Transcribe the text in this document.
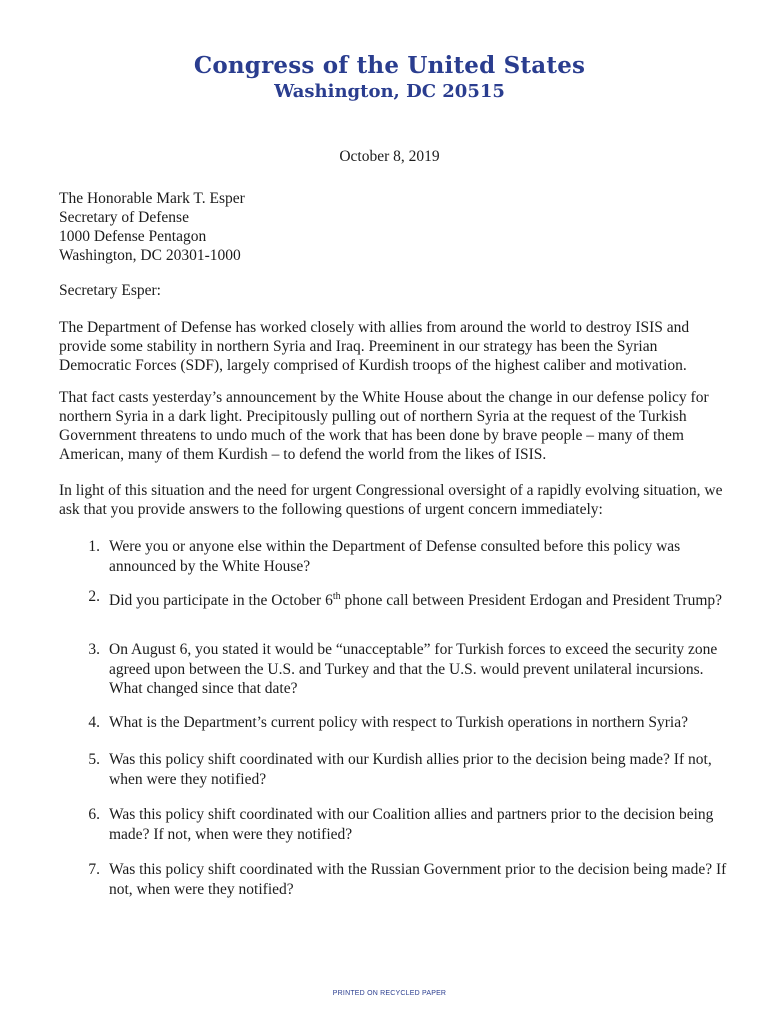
Congress of the United States
Washington, DC 20515
October 8, 2019
The Honorable Mark T. Esper
Secretary of Defense
1000 Defense Pentagon
Washington, DC 20301-1000
Secretary Esper:
The Department of Defense has worked closely with allies from around the world to destroy ISIS and provide some stability in northern Syria and Iraq. Preeminent in our strategy has been the Syrian Democratic Forces (SDF), largely comprised of Kurdish troops of the highest caliber and motivation.
That fact casts yesterday’s announcement by the White House about the change in our defense policy for northern Syria in a dark light. Precipitously pulling out of northern Syria at the request of the Turkish Government threatens to undo much of the work that has been done by brave people – many of them American, many of them Kurdish – to defend the world from the likes of ISIS.
In light of this situation and the need for urgent Congressional oversight of a rapidly evolving situation, we ask that you provide answers to the following questions of urgent concern immediately:
1. Were you or anyone else within the Department of Defense consulted before this policy was announced by the White House?
2. Did you participate in the October 6th phone call between President Erdogan and President Trump?
3. On August 6, you stated it would be “unacceptable” for Turkish forces to exceed the security zone agreed upon between the U.S. and Turkey and that the U.S. would prevent unilateral incursions. What changed since that date?
4. What is the Department’s current policy with respect to Turkish operations in northern Syria?
5. Was this policy shift coordinated with our Kurdish allies prior to the decision being made? If not, when were they notified?
6. Was this policy shift coordinated with our Coalition allies and partners prior to the decision being made? If not, when were they notified?
7. Was this policy shift coordinated with the Russian Government prior to the decision being made? If not, when were they notified?
PRINTED ON RECYCLED PAPER
